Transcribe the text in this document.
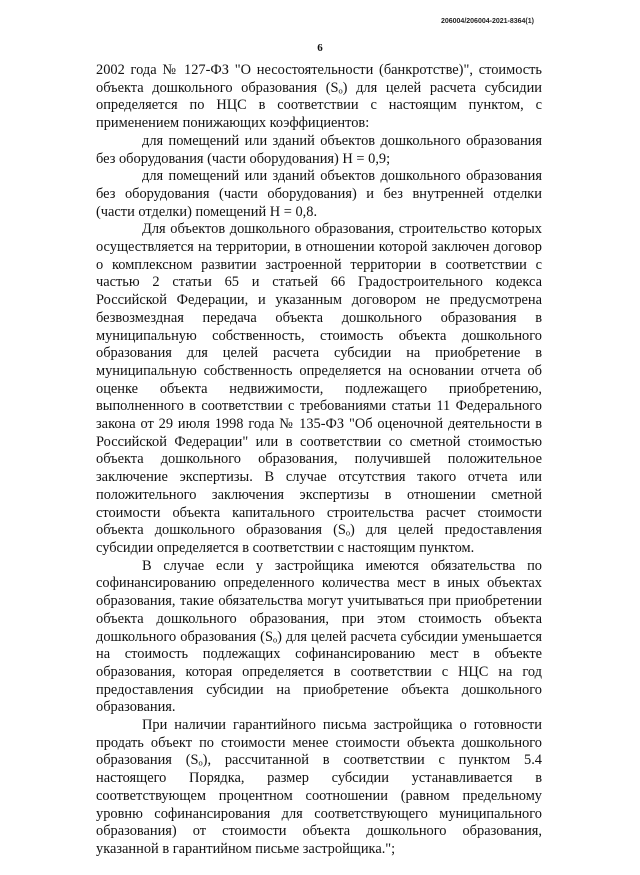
206004/206004-2021-8364(1)
6

2002 года № 127-ФЗ "О несостоятельности (банкротстве)", стоимость объекта дошкольного образования (Sₒ) для целей расчета субсидии определяется по НЦС в соответствии с настоящим пунктом, с применением понижающих коэффициентов:

для помещений или зданий объектов дошкольного образования без оборудования (части оборудования) Н = 0,9;

для помещений или зданий объектов дошкольного образования без оборудования (части оборудования) и без внутренней отделки (части отделки) помещений Н = 0,8.

Для объектов дошкольного образования, строительство которых осуществляется на территории, в отношении которой заключен договор о комплексном развитии застроенной территории в соответствии с частью 2 статьи 65 и статьей 66 Градостроительного кодекса Российской Федерации, и указанным договором не предусмотрена безвозмездная передача объекта дошкольного образования в муниципальную собственность, стоимость объекта дошкольного образования для целей расчета субсидии на приобретение в муниципальную собственность определяется на основании отчета об оценке объекта недвижимости, подлежащего приобретению, выполненного в соответствии с требованиями статьи 11 Федерального закона от 29 июля 1998 года № 135-ФЗ "Об оценочной деятельности в Российской Федерации" или в соответствии со сметной стоимостью объекта дошкольного образования, получившей положительное заключение экспертизы. В случае отсутствия такого отчета или положительного заключения экспертизы в отношении сметной стоимости объекта капитального строительства расчет стоимости объекта дошкольного образования (Sₒ) для целей предоставления субсидии определяется в соответствии с настоящим пунктом.

В случае если у застройщика имеются обязательства по софинансированию определенного количества мест в иных объектах образования, такие обязательства могут учитываться при приобретении объекта дошкольного образования, при этом стоимость объекта дошкольного образования (Sₒ) для целей расчета субсидии уменьшается на стоимость подлежащих софинансированию мест в объекте образования, которая определяется в соответствии с НЦС на год предоставления субсидии на приобретение объекта дошкольного образования.

При наличии гарантийного письма застройщика о готовности продать объект по стоимости менее стоимости объекта дошкольного образования (Sₒ), рассчитанной в соответствии с пунктом 5.4 настоящего Порядка, размер субсидии устанавливается в соответствующем процентном соотношении (равном предельному уровню софинансирования для соответствующего муниципального образования) от стоимости объекта дошкольного образования, указанной в гарантийном письме застройщика.";
